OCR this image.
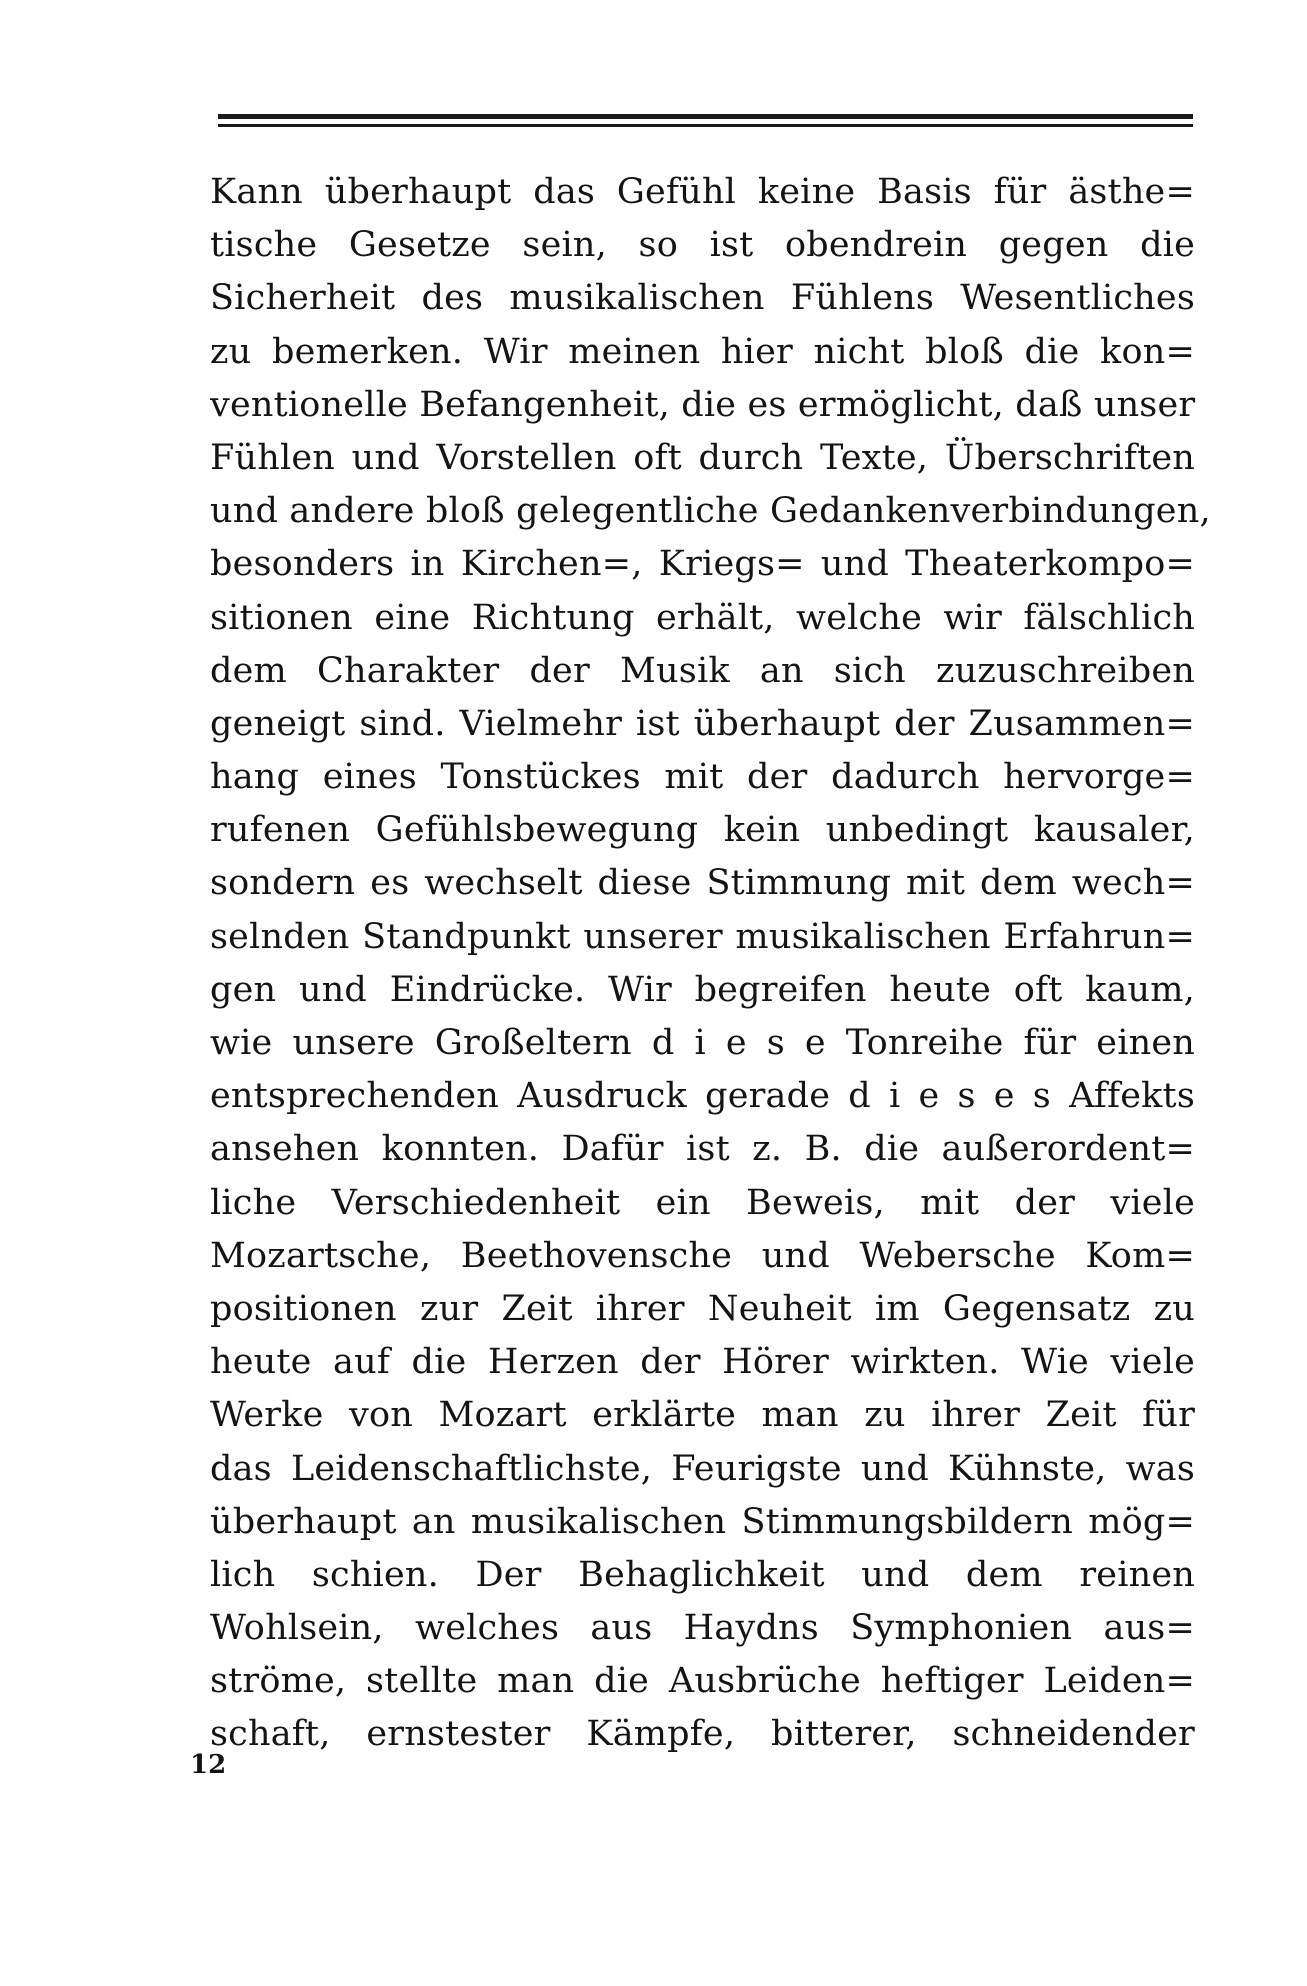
Kann überhaupt das Gefühl keine Basis für ästhe=
tische Gesetze sein, so ist obendrein gegen die
Sicherheit des musikalischen Fühlens Wesentliches
zu bemerken. Wir meinen hier nicht bloß die kon=
ventionelle Befangenheit, die es ermöglicht, daß unser
Fühlen und Vorstellen oft durch Texte, Überschriften
und andere bloß gelegentliche Gedankenverbindungen,
besonders in Kirchen=, Kriegs= und Theaterkompo=
sitionen eine Richtung erhält, welche wir fälschlich
dem Charakter der Musik an sich zuzuschreiben
geneigt sind. Vielmehr ist überhaupt der Zusammen=
hang eines Tonstückes mit der dadurch hervorge=
rufenen Gefühlsbewegung kein unbedingt kausaler,
sondern es wechselt diese Stimmung mit dem wech=
selnden Standpunkt unserer musikalischen Erfahrun=
gen und Eindrücke. Wir begreifen heute oft kaum,
wie unsere Großeltern d i e s e Tonreihe für einen
entsprechenden Ausdruck gerade d i e s e s Affekts
ansehen konnten. Dafür ist z. B. die außerordent=
liche Verschiedenheit ein Beweis, mit der viele
Mozartsche, Beethovensche und Webersche Kom=
positionen zur Zeit ihrer Neuheit im Gegensatz zu
heute auf die Herzen der Hörer wirkten. Wie viele
Werke von Mozart erklärte man zu ihrer Zeit für
das Leidenschaftlichste, Feurigste und Kühnste, was
überhaupt an musikalischen Stimmungsbildern mög=
lich schien. Der Behaglichkeit und dem reinen
Wohlsein, welches aus Haydns Symphonien aus=
ströme, stellte man die Ausbrüche heftiger Leiden=
schaft, ernstester Kämpfe, bitterer, schneidender
12
